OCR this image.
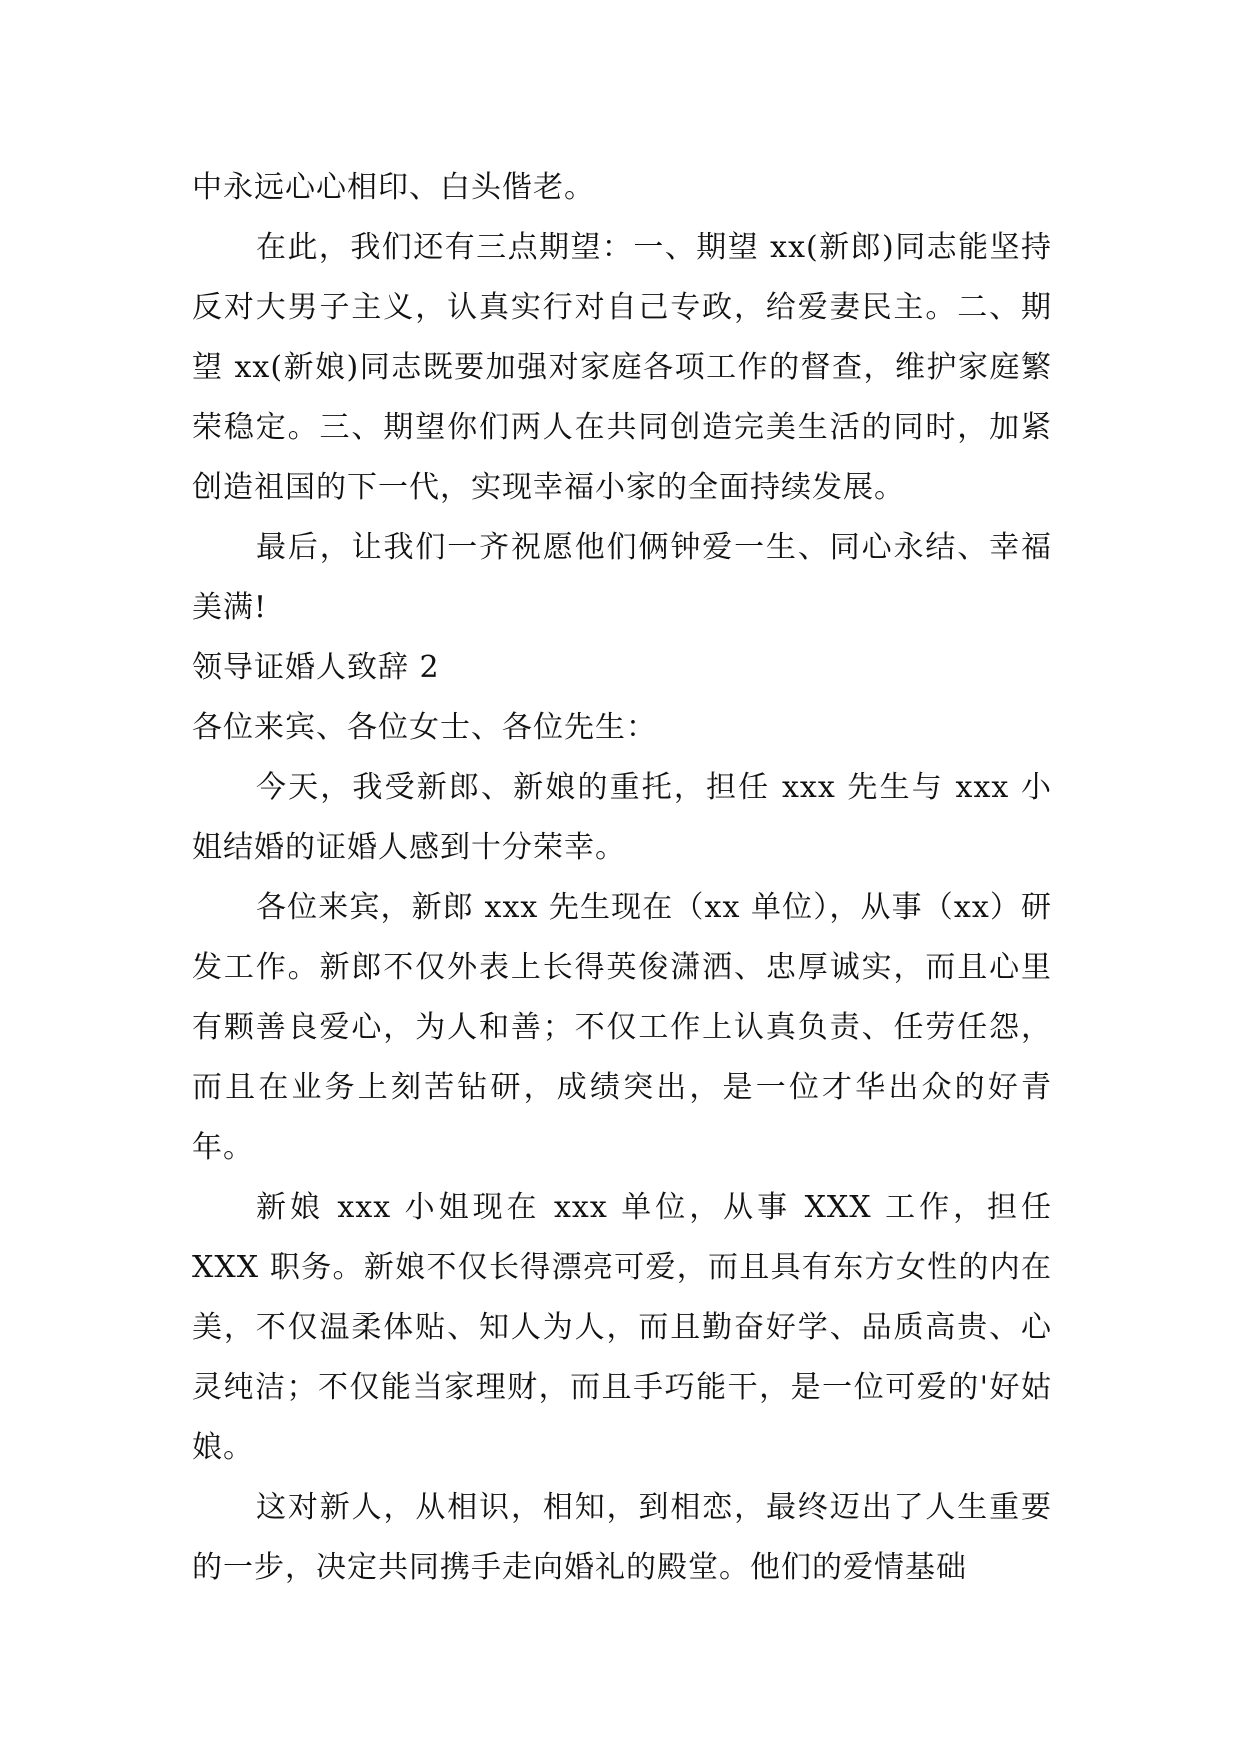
中永远心心相印、白头偕老。

在此，我们还有三点期望：一、期望 xx(新郎)同志能坚持反对大男子主义，认真实行对自己专政，给爱妻民主。二、期望 xx(新娘)同志既要加强对家庭各项工作的督查，维护家庭繁荣稳定。三、期望你们两人在共同创造完美生活的同时，加紧创造祖国的下一代，实现幸福小家的全面持续发展。

最后，让我们一齐祝愿他们俩钟爱一生、同心永结、幸福美满!

领导证婚人致辞 2

各位来宾、各位女士、各位先生：

今天，我受新郎、新娘的重托，担任 xxx 先生与 xxx 小姐结婚的证婚人感到十分荣幸。

各位来宾，新郎 xxx 先生现在（xx 单位），从事（xx）研发工作。新郎不仅外表上长得英俊潇洒、忠厚诚实，而且心里有颗善良爱心，为人和善；不仅工作上认真负责、任劳任怨，而且在业务上刻苦钻研，成绩突出，是一位才华出众的好青年。

新娘 xxx 小姐现在 xxx 单位，从事 XXX 工作，担任 XXX 职务。新娘不仅长得漂亮可爱，而且具有东方女性的内在美，不仅温柔体贴、知人为人，而且勤奋好学、品质高贵、心灵纯洁；不仅能当家理财，而且手巧能干，是一位可爱的'好姑娘。

这对新人，从相识，相知，到相恋，最终迈出了人生重要的一步，决定共同携手走向婚礼的殿堂。他们的爱情基础
